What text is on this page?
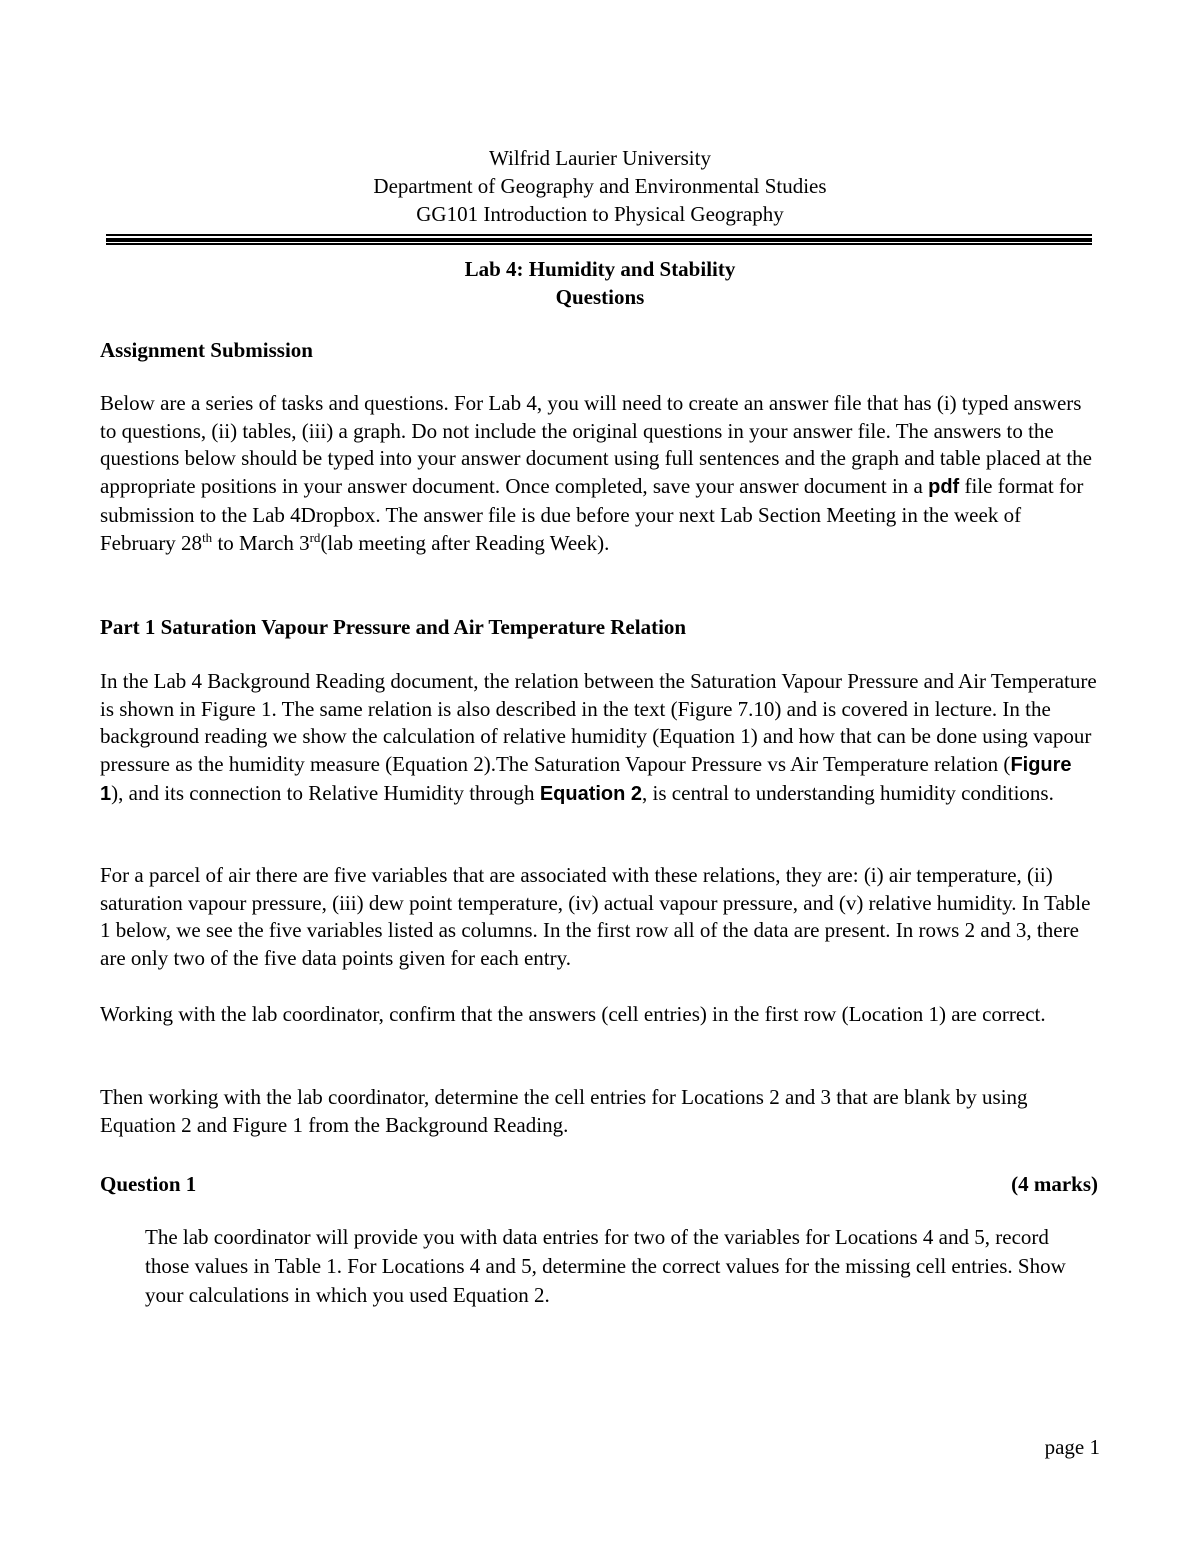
Wilfrid Laurier University
Department of Geography and Environmental Studies
GG101 Introduction to Physical Geography
Lab 4: Humidity and Stability
Questions
Assignment Submission
Below are a series of tasks and questions. For Lab 4, you will need to create an answer file that has (i) typed answers to questions, (ii) tables, (iii) a graph. Do not include the original questions in your answer file. The answers to the questions below should be typed into your answer document using full sentences and the graph and table placed at the appropriate positions in your answer document. Once completed, save your answer document in a pdf file format for submission to the Lab 4Dropbox. The answer file is due before your next Lab Section Meeting in the week of February 28th to March 3rd(lab meeting after Reading Week).
Part 1 Saturation Vapour Pressure and Air Temperature Relation
In the Lab 4 Background Reading document, the relation between the Saturation Vapour Pressure and Air Temperature is shown in Figure 1. The same relation is also described in the text (Figure 7.10) and is covered in lecture. In the background reading we show the calculation of relative humidity (Equation 1) and how that can be done using vapour pressure as the humidity measure (Equation 2).The Saturation Vapour Pressure vs Air Temperature relation (Figure 1), and its connection to Relative Humidity through Equation 2, is central to understanding humidity conditions.
For a parcel of air there are five variables that are associated with these relations, they are: (i) air temperature, (ii) saturation vapour pressure, (iii) dew point temperature, (iv) actual vapour pressure, and (v) relative humidity. In Table 1 below, we see the five variables listed as columns. In the first row all of the data are present. In rows 2 and 3, there are only two of the five data points given for each entry.
Working with the lab coordinator, confirm that the answers (cell entries) in the first row (Location 1) are correct.
Then working with the lab coordinator, determine the cell entries for Locations 2 and 3 that are blank by using Equation 2 and Figure 1 from the Background Reading.
Question 1	(4 marks)
The lab coordinator will provide you with data entries for two of the variables for Locations 4 and 5, record those values in Table 1. For Locations 4 and 5, determine the correct values for the missing cell entries. Show your calculations in which you used Equation 2.
page 1
